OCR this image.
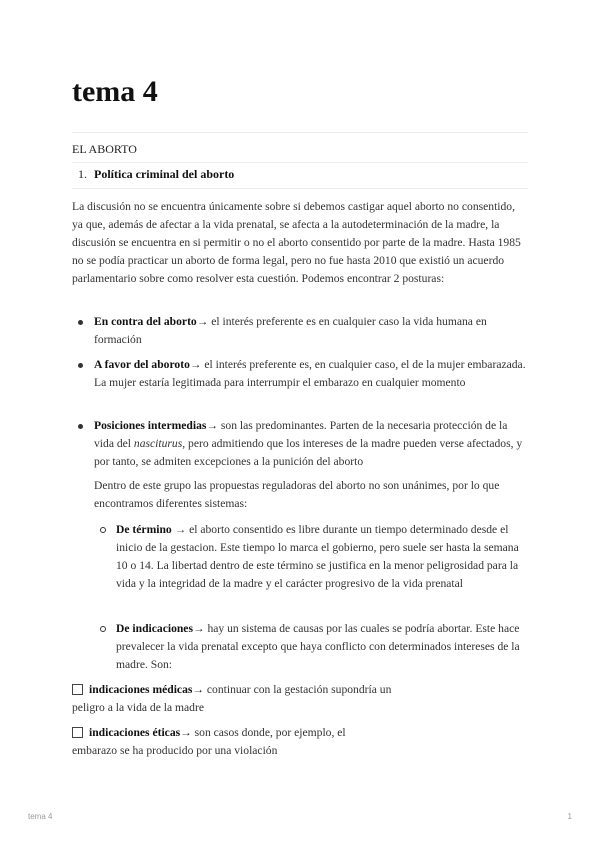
tema 4
EL ABORTO
1. Política criminal del aborto

La discusión no se encuentra únicamente sobre si debemos castigar aquel aborto no consentido, ya que, además de afectar a la vida prenatal, se afecta a la autodeterminación de la madre, la discusión se encuentra en si permitir o no el aborto consentido por parte de la madre. Hasta 1985 no se podía practicar un aborto de forma legal, pero no fue hasta 2010 que existió un acuerdo parlamentario sobre como resolver esta cuestión. Podemos encontrar 2 posturas:

En contra del aborto→ el interés preferente es en cualquier caso la vida humana en formación
A favor del aboroto→ el interés preferente es, en cualquier caso, el de la mujer embarazada. La mujer estaría legitimada para interrumpir el embarazo en cualquier momento
Posiciones intermedias→ son las predominantes. Parten de la necesaria protección de la vida del nasciturus, pero admitiendo que los intereses de la madre pueden verse afectados, y por tanto, se admiten excepciones a la punición del aborto

Dentro de este grupo las propuestas reguladoras del aborto no son unánimes, por lo que encontramos diferentes sistemas:

De término → el aborto consentido es libre durante un tiempo determinado desde el inicio de la gestacion. Este tiempo lo marca el gobierno, pero suele ser hasta la semana 10 o 14. La libertad dentro de este término se justifica en la menor peligrosidad para la vida y la integridad de la madre y el carácter progresivo de la vida prenatal
De indicaciones→ hay un sistema de causas por las cuales se podría abortar. Este hace prevalecer la vida prenatal excepto que haya conflicto con determinados intereses de la madre. Son:
indicaciones médicas→ continuar con la gestación supondría un
peligro a la vida de la madre
indicaciones éticas→ son casos donde, por ejemplo, el
embarazo se ha producido por una violación
tema 4	1
